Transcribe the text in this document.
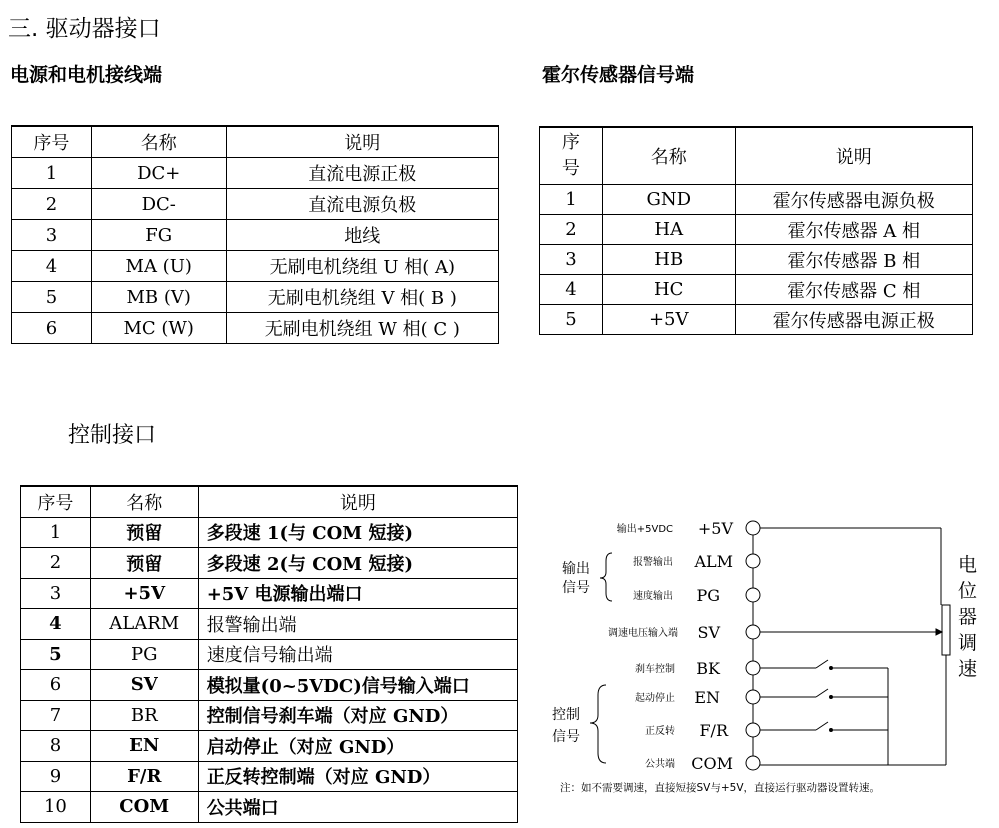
三. 驱动器接口
电源和电机接线端	霍尔传感器信号端
控制接口
序号	名称	说明
1	DC+	直流电源正极
2	DC-	直流电源负极
3	FG	地线
4	MA (U)	无刷电机绕组 U 相( A)
5	MB (V)	无刷电机绕组 V 相( B )
6	MC (W)	无刷电机绕组 W 相( C )
序
号	名称	说明
1	GND	霍尔传感器电源负极
2	HA	霍尔传感器 A 相
3	HB	霍尔传感器 B 相
4	HC	霍尔传感器 C 相
5	+5V	霍尔传感器电源正极
序号	名称	说明
1	预留	多段速 1(与 COM 短接)
2	预留	多段速 2(与 COM 短接)
3	+5V	+5V 电源输出端口
4	ALARM	报警输出端
5	PG	速度信号输出端
6	SV	模拟量(0~5VDC)信号输入端口
7	BR	控制信号刹车端（对应 GND）
8	EN	启动停止（对应 GND）
9	F/R	正反转控制端（对应 GND）
10	COM	公共端口
+5V
ALM
PG
SV
BK
EN
F/R
COM
输出+5VDC
报警输出
速度输出
调速电压输入端
刹车控制
起动停止
正反转
公共端
输出
信号
控制
信号
注：如不需要调速，直接短接SV与+5V，直接运行驱动器设置转速。
电位器调速
